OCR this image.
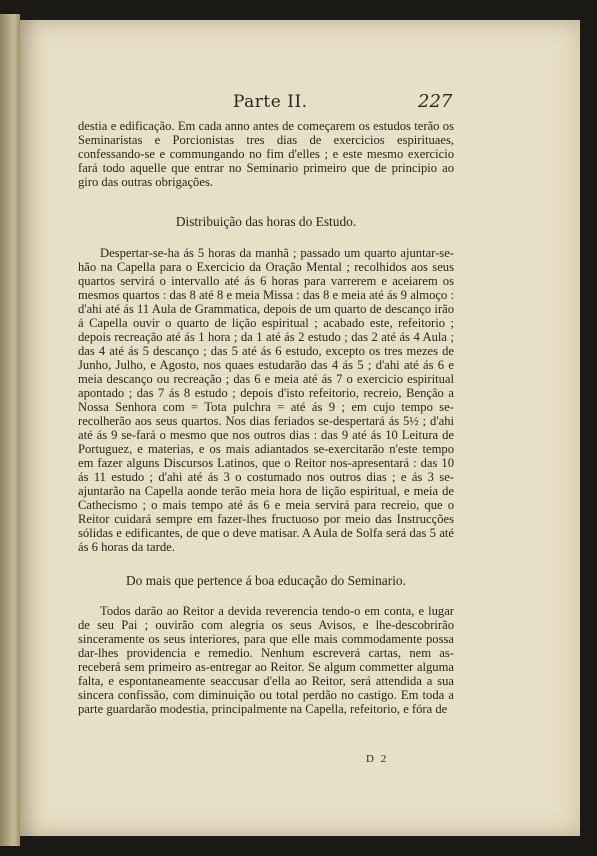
Parte II.	227

destia e edificação. Em cada anno antes de começarem os estudos terão os Seminaristas e Porcionistas tres dias de exercicios espirituaes, confessando-se e commungando no fim d'elles ; e este mesmo exercicio fará todo aquelle que entrar no Seminario primeiro que de principio ao giro das outras obrigações.

Distribuição das horas do Estudo.

Despertar-se-ha ás 5 horas da manhã ; passado um quarto ajuntar-se-hão na Capella para o Exercicio da Oração Mental ; recolhidos aos seus quartos servirá o intervallo até ás 6 horas para varrerem e aceiarem os mesmos quartos : das 8 até 8 e meia Missa : das 8 e meia até ás 9 almoço : d'ahi até ás 11 Aula de Grammatica, depois de um quarto de descanço irão á Capella ouvir o quarto de lição espiritual ; acabado este, refeitorio ; depois recreação até ás 1 hora ; da 1 até ás 2 estudo ; das 2 até ás 4 Aula ; das 4 até ás 5 descanço ; das 5 até ás 6 estudo, excepto os tres mezes de Junho, Julho, e Agosto, nos quaes estudarão das 4 ás 5 ; d'ahi até ás 6 e meia descanço ou recreação ; das 6 e meia até ás 7 o exercicio espiritual apontado ; das 7 ás 8 estudo ; depois d'isto refeitorio, recreio, Bençâo a Nossa Senhora com = Tota pulchra = até ás 9 ; em cujo tempo se-recolherão aos seus quartos. Nos dias feriados se-despertará ás 5½ ; d'ahi até ás 9 se-fará o mesmo que nos outros dias : das 9 até ás 10 Leitura de Portuguez, e materias, e os mais adiantados se-exercitarão n'este tempo em fazer alguns Discursos Latinos, que o Reitor nos-apresentará : das 10 ás 11 estudo ; d'ahi até ás 3 o costumado nos outros dias ; e ás 3 se-ajuntarão na Capella aonde terão meia hora de lição espiritual, e meia de Cathecismo ; o mais tempo até ás 6 e meia servirá para recreio, que o Reitor cuidará sempre em fazer-lhes fructuoso por meio das Instrucções sólidas e edificantes, de que o deve matisar. A Aula de Solfa será das 5 até ás 6 horas da tarde.

Do mais que pertence á boa educação do Seminario.

Todos darão ao Reitor a devida reverencia tendo-o em conta, e lugar de seu Pai ; ouvirão com alegria os seus Avisos, e lhe-descobrirão sinceramente os seus interiores, para que elle mais commodamente possa dar-lhes providencia e remedio. Nenhum escreverá cartas, nem as-receberá sem primeiro as-entregar ao Reitor. Se algum commetter alguma falta, e espontaneamente seaccusar d'ella ao Reitor, será attendida a sua sincera confissão, com diminuição ou total perdão no castigo. Em toda a parte guardarão modestia, principalmente na Capella, refeitorio, e fóra de

D 2
